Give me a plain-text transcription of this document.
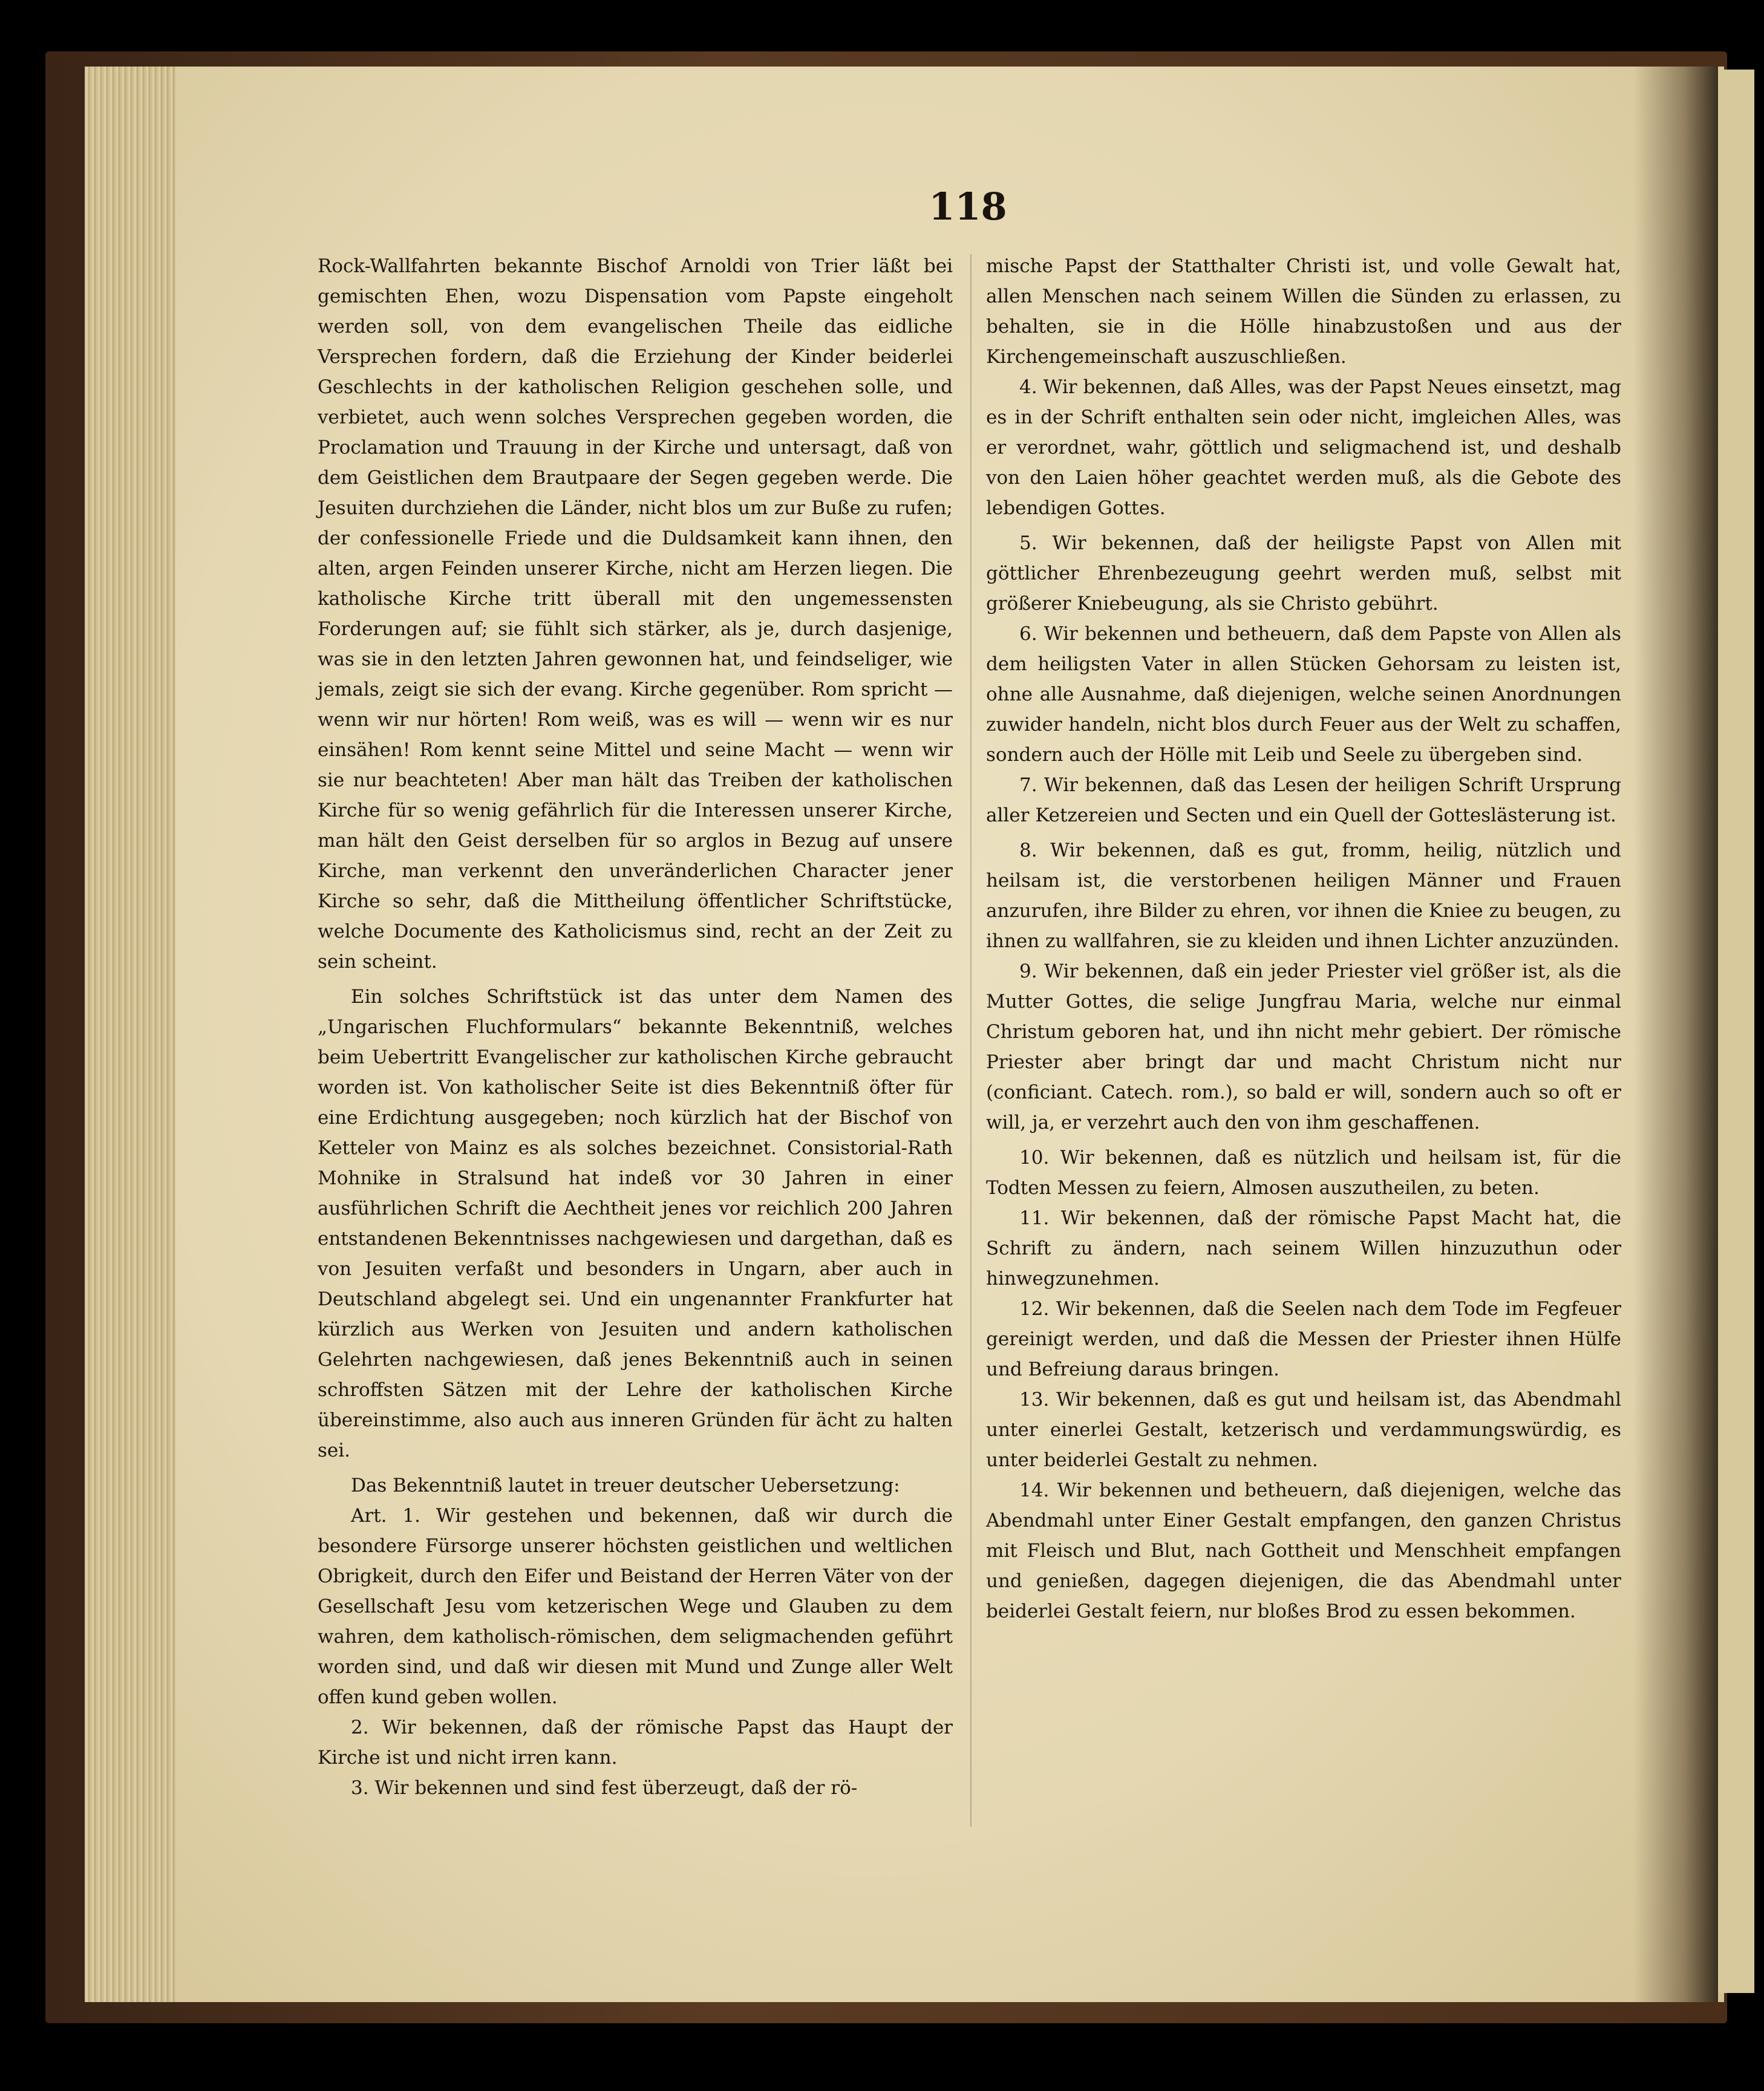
118

Rock-Wallfahrten bekannte Bischof Arnoldi von Trier läßt bei gemischten Ehen, wozu Dispensation vom Papste eingeholt werden soll, von dem evangelischen Theile das eidliche Versprechen fordern, daß die Erziehung der Kinder beiderlei Geschlechts in der katholischen Religion geschehen solle, und verbietet, auch wenn solches Versprechen gegeben worden, die Proclamation und Trauung in der Kirche und untersagt, daß von dem Geistlichen dem Brautpaare der Segen gegeben werde. Die Jesuiten durchziehen die Länder, nicht blos um zur Buße zu rufen; der confessionelle Friede und die Duldsamkeit kann ihnen, den alten, argen Feinden unserer Kirche, nicht am Herzen liegen. Die katholische Kirche tritt überall mit den ungemessensten Forderungen auf; sie fühlt sich stärker, als je, durch dasjenige, was sie in den letzten Jahren gewonnen hat, und feindseliger, wie jemals, zeigt sie sich der evang. Kirche gegenüber. Rom spricht — wenn wir nur hörten! Rom weiß, was es will — wenn wir es nur einsähen! Rom kennt seine Mittel und seine Macht — wenn wir sie nur beachteten! Aber man hält das Treiben der katholischen Kirche für so wenig gefährlich für die Interessen unserer Kirche, man hält den Geist derselben für so arglos in Bezug auf unsere Kirche, man verkennt den unveränderlichen Character jener Kirche so sehr, daß die Mittheilung öffentlicher Schriftstücke, welche Documente des Katholicismus sind, recht an der Zeit zu sein scheint.

Ein solches Schriftstück ist das unter dem Namen des „Ungarischen Fluchformulars“ bekannte Bekenntniß, welches beim Uebertritt Evangelischer zur katholischen Kirche gebraucht worden ist. Von katholischer Seite ist dies Bekenntniß öfter für eine Erdichtung ausgegeben; noch kürzlich hat der Bischof von Ketteler von Mainz es als solches bezeichnet. Consistorial-Rath Mohnike in Stralsund hat indeß vor 30 Jahren in einer ausführlichen Schrift die Aechtheit jenes vor reichlich 200 Jahren entstandenen Bekenntnisses nachgewiesen und dargethan, daß es von Jesuiten verfaßt und besonders in Ungarn, aber auch in Deutschland abgelegt sei. Und ein ungenannter Frankfurter hat kürzlich aus Werken von Jesuiten und andern katholischen Gelehrten nachgewiesen, daß jenes Bekenntniß auch in seinen schroffsten Sätzen mit der Lehre der katholischen Kirche übereinstimme, also auch aus inneren Gründen für ächt zu halten sei.

Das Bekenntniß lautet in treuer deutscher Uebersetzung:

Art. 1. Wir gestehen und bekennen, daß wir durch die besondere Fürsorge unserer höchsten geistlichen und weltlichen Obrigkeit, durch den Eifer und Beistand der Herren Väter von der Gesellschaft Jesu vom ketzerischen Wege und Glauben zu dem wahren, dem katholisch-römischen, dem seligmachenden geführt worden sind, und daß wir diesen mit Mund und Zunge aller Welt offen kund geben wollen.

2. Wir bekennen, daß der römische Papst das Haupt der Kirche ist und nicht irren kann.

3. Wir bekennen und sind fest überzeugt, daß der rö-

mische Papst der Statthalter Christi ist, und volle Gewalt hat, allen Menschen nach seinem Willen die Sünden zu erlassen, zu behalten, sie in die Hölle hinabzustoßen und aus der Kirchengemeinschaft auszuschließen.

4. Wir bekennen, daß Alles, was der Papst Neues einsetzt, mag es in der Schrift enthalten sein oder nicht, imgleichen Alles, was er verordnet, wahr, göttlich und seligmachend ist, und deshalb von den Laien höher geachtet werden muß, als die Gebote des lebendigen Gottes.

5. Wir bekennen, daß der heiligste Papst von Allen mit göttlicher Ehrenbezeugung geehrt werden muß, selbst mit größerer Kniebeugung, als sie Christo gebührt.

6. Wir bekennen und betheuern, daß dem Papste von Allen als dem heiligsten Vater in allen Stücken Gehorsam zu leisten ist, ohne alle Ausnahme, daß diejenigen, welche seinen Anordnungen zuwider handeln, nicht blos durch Feuer aus der Welt zu schaffen, sondern auch der Hölle mit Leib und Seele zu übergeben sind.

7. Wir bekennen, daß das Lesen der heiligen Schrift Ursprung aller Ketzereien und Secten und ein Quell der Gotteslästerung ist.

8. Wir bekennen, daß es gut, fromm, heilig, nützlich und heilsam ist, die verstorbenen heiligen Männer und Frauen anzurufen, ihre Bilder zu ehren, vor ihnen die Kniee zu beugen, zu ihnen zu wallfahren, sie zu kleiden und ihnen Lichter anzuzünden.

9. Wir bekennen, daß ein jeder Priester viel größer ist, als die Mutter Gottes, die selige Jungfrau Maria, welche nur einmal Christum geboren hat, und ihn nicht mehr gebiert. Der römische Priester aber bringt dar und macht Christum nicht nur (conficiant. Catech. rom.), so bald er will, sondern auch so oft er will, ja, er verzehrt auch den von ihm geschaffenen.

10. Wir bekennen, daß es nützlich und heilsam ist, für die Todten Messen zu feiern, Almosen auszutheilen, zu beten.

11. Wir bekennen, daß der römische Papst Macht hat, die Schrift zu ändern, nach seinem Willen hinzuzuthun oder hinwegzunehmen.

12. Wir bekennen, daß die Seelen nach dem Tode im Fegfeuer gereinigt werden, und daß die Messen der Priester ihnen Hülfe und Befreiung daraus bringen.

13. Wir bekennen, daß es gut und heilsam ist, das Abendmahl unter einerlei Gestalt, ketzerisch und verdammungswürdig, es unter beiderlei Gestalt zu nehmen.

14. Wir bekennen und betheuern, daß diejenigen, welche das Abendmahl unter Einer Gestalt empfangen, den ganzen Christus mit Fleisch und Blut, nach Gottheit und Menschheit empfangen und genießen, dagegen diejenigen, die das Abendmahl unter beiderlei Gestalt feiern, nur bloßes Brod zu essen bekommen.
